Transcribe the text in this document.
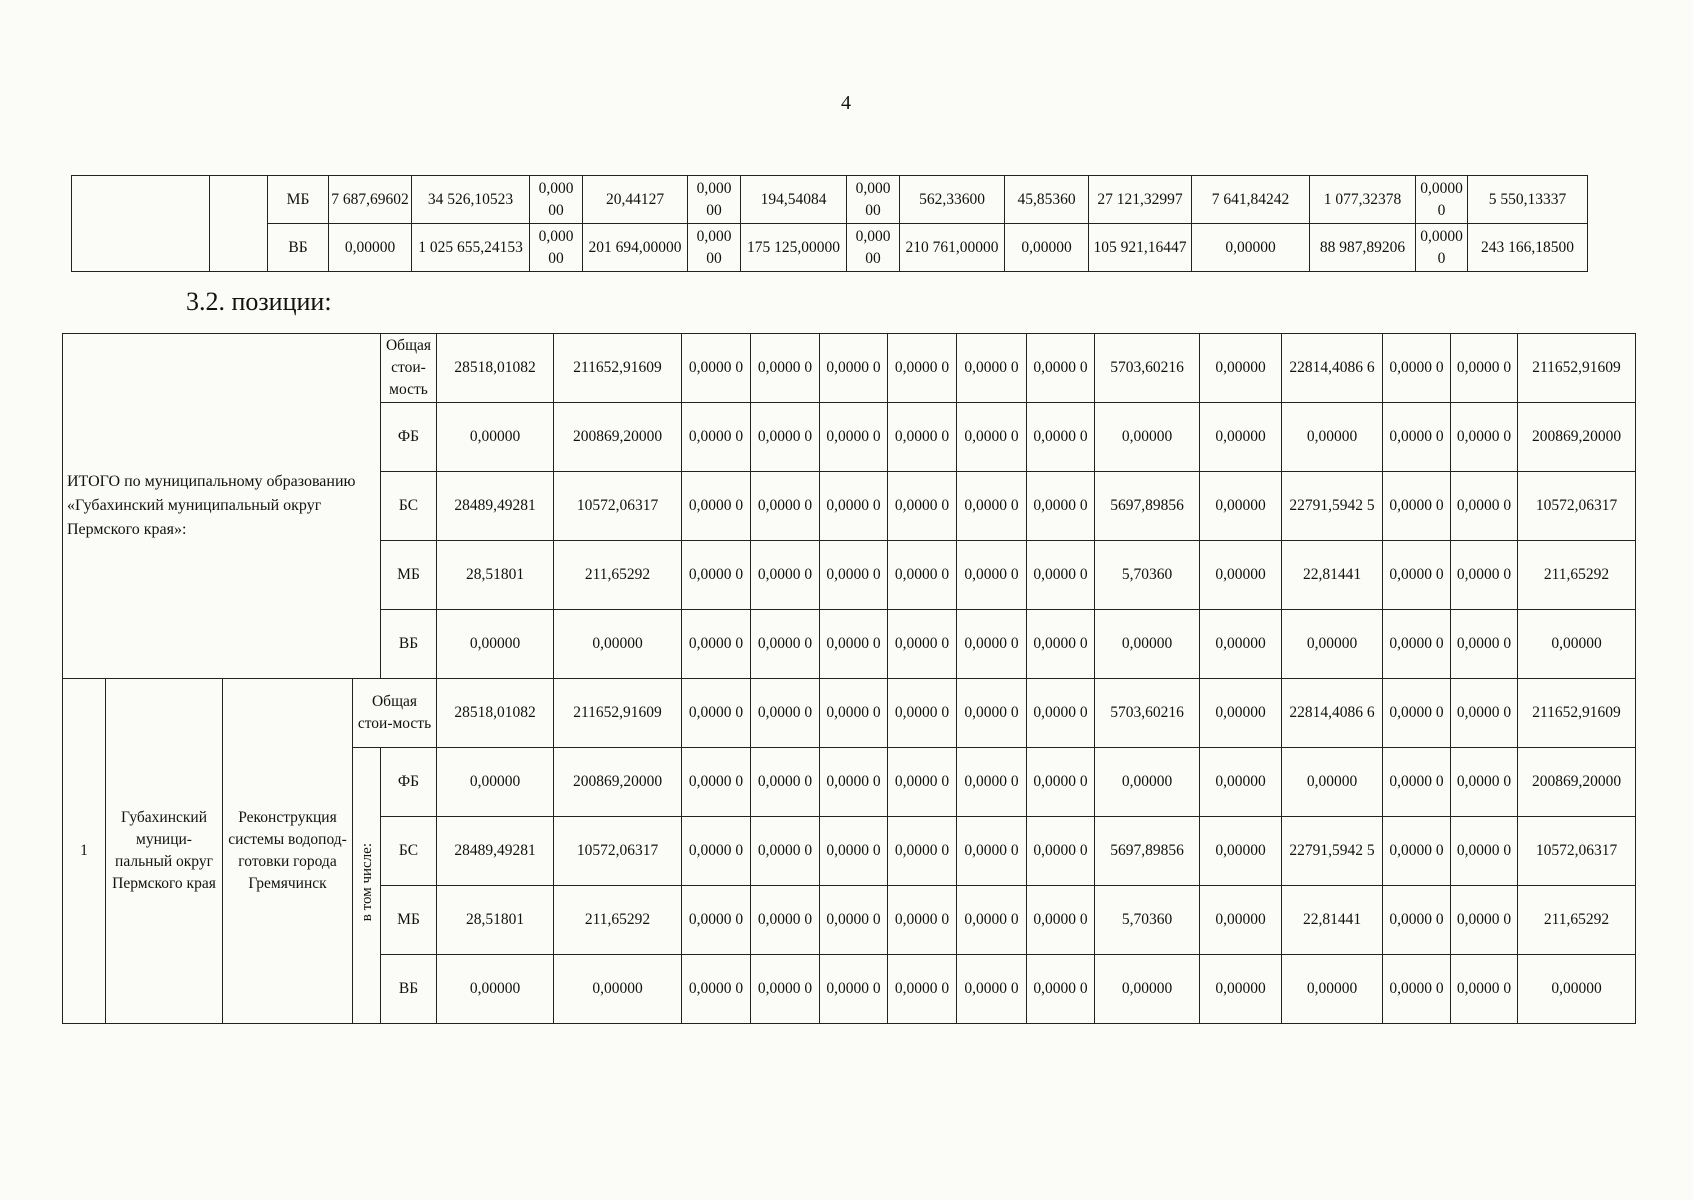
4
		МБ	7 687,69602	34 526,10523	0,000 00	20,44127	0,000 00	194,54084	0,000 00	562,33600	45,85360	27 121,32997	7 641,84242	1 077,32378	0,0000 0	5 550,13337
		ВБ	0,00000	1 025 655,24153	0,000 00	201 694,00000	0,000 00	175 125,00000	0,000 00	210 761,00000	0,00000	105 921,16447	0,00000	88 987,89206	0,0000 0	243 166,18500
3.2. позиции:
ИТОГО по муниципальному образованию «Губахинский муниципальный округ Пермского края»:				Общая стои-мость	28518,01082	211652,91609	0,0000 0	0,0000 0	0,0000 0	0,0000 0	0,0000 0	0,0000 0	5703,60216	0,00000	22814,4086 6	0,0000 0	0,0000 0	211652,91609
				ФБ	0,00000	200869,20000	0,0000 0	0,0000 0	0,0000 0	0,0000 0	0,0000 0	0,0000 0	0,00000	0,00000	0,00000	0,0000 0	0,0000 0	200869,20000
				БС	28489,49281	10572,06317	0,0000 0	0,0000 0	0,0000 0	0,0000 0	0,0000 0	0,0000 0	5697,89856	0,00000	22791,5942 5	0,0000 0	0,0000 0	10572,06317
				МБ	28,51801	211,65292	0,0000 0	0,0000 0	0,0000 0	0,0000 0	0,0000 0	0,0000 0	5,70360	0,00000	22,81441	0,0000 0	0,0000 0	211,65292
				ВБ	0,00000	0,00000	0,0000 0	0,0000 0	0,0000 0	0,0000 0	0,0000 0	0,0000 0	0,00000	0,00000	0,00000	0,0000 0	0,0000 0	0,00000
1	Губахинский муници-пальный округ Пермского края	Реконструкция системы водопод-готовки города Гремячинск	Общая стои-мость		28518,01082	211652,91609	0,0000 0	0,0000 0	0,0000 0	0,0000 0	0,0000 0	0,0000 0	5703,60216	0,00000	22814,4086 6	0,0000 0	0,0000 0	211652,91609
			в том числе:	ФБ	0,00000	200869,20000	0,0000 0	0,0000 0	0,0000 0	0,0000 0	0,0000 0	0,0000 0	0,00000	0,00000	0,00000	0,0000 0	0,0000 0	200869,20000
				БС	28489,49281	10572,06317	0,0000 0	0,0000 0	0,0000 0	0,0000 0	0,0000 0	0,0000 0	5697,89856	0,00000	22791,5942 5	0,0000 0	0,0000 0	10572,06317
				МБ	28,51801	211,65292	0,0000 0	0,0000 0	0,0000 0	0,0000 0	0,0000 0	0,0000 0	5,70360	0,00000	22,81441	0,0000 0	0,0000 0	211,65292
				ВБ	0,00000	0,00000	0,0000 0	0,0000 0	0,0000 0	0,0000 0	0,0000 0	0,0000 0	0,00000	0,00000	0,00000	0,0000 0	0,0000 0	0,00000
